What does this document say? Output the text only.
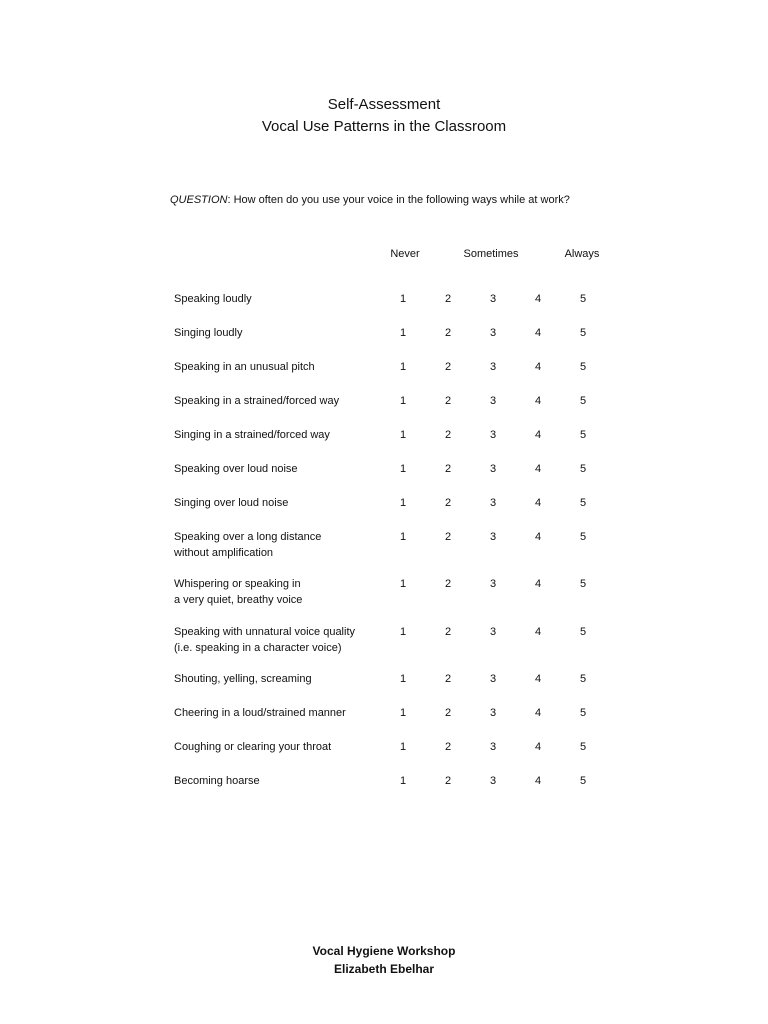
Self-Assessment
Vocal Use Patterns in the Classroom
QUESTION: How often do you use your voice in the following ways while at work?
Never	Sometimes	Always
Speaking loudly	1	2	3	4	5
Singing loudly	1	2	3	4	5
Speaking in an unusual pitch	1	2	3	4	5
Speaking in a strained/forced way	1	2	3	4	5
Singing in a strained/forced way	1	2	3	4	5
Speaking over loud noise	1	2	3	4	5
Singing over loud noise	1	2	3	4	5
Speaking over a long distance
without amplification
1	2	3	4	5
Whispering or speaking in
a very quiet, breathy voice
1	2	3	4	5
Speaking with unnatural voice quality
(i.e. speaking in a character voice)
1	2	3	4	5
Shouting, yelling, screaming	1	2	3	4	5
Cheering in a loud/strained manner	1	2	3	4	5
Coughing or clearing your throat	1	2	3	4	5
Becoming hoarse	1	2	3	4	5
Vocal Hygiene Workshop
Elizabeth Ebelhar
